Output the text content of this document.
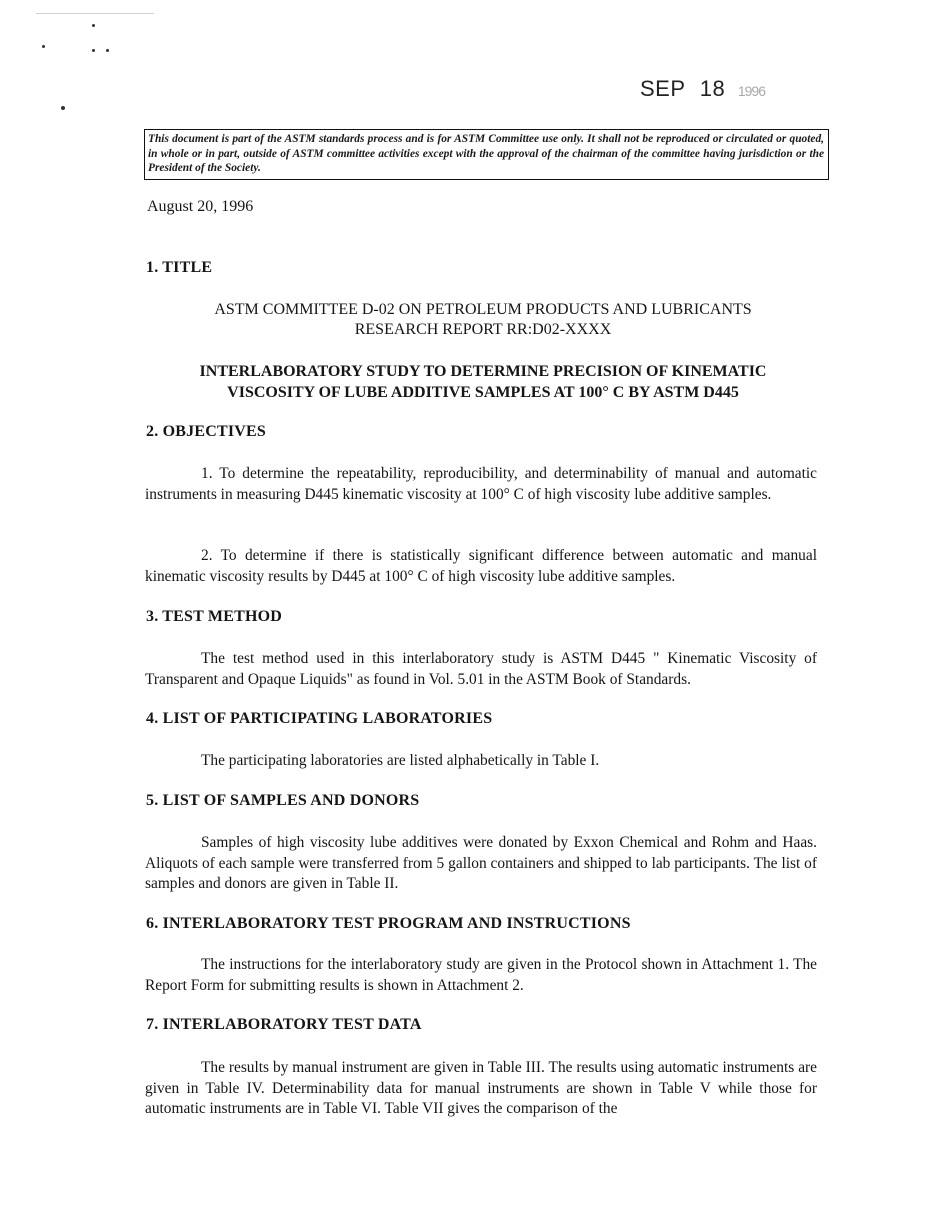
SEP 18 1996
This document is part of the ASTM standards process and is for ASTM Committee use only. It shall not be reproduced or circulated or quoted, in whole or in part, outside of ASTM committee activities except with the approval of the chairman of the committee having jurisdiction or the President of the Society.
August 20, 1996
1. TITLE
ASTM COMMITTEE D-02 ON PETROLEUM PRODUCTS AND LUBRICANTS
RESEARCH REPORT RR:D02-XXXX
INTERLABORATORY STUDY TO DETERMINE PRECISION OF KINEMATIC
VISCOSITY OF LUBE ADDITIVE SAMPLES AT 100° C BY ASTM D445
2. OBJECTIVES

1. To determine the repeatability, reproducibility, and determinability of manual and automatic instruments in measuring D445 kinematic viscosity at 100° C of high viscosity lube additive samples.

2. To determine if there is statistically significant difference between automatic and manual kinematic viscosity results by D445 at 100° C of high viscosity lube additive samples.

3. TEST METHOD

The test method used in this interlaboratory study is ASTM D445 " Kinematic Viscosity of Transparent and Opaque Liquids" as found in Vol. 5.01 in the ASTM Book of Standards.

4. LIST OF PARTICIPATING LABORATORIES

The participating laboratories are listed alphabetically in Table I.

5. LIST OF SAMPLES AND DONORS

Samples of high viscosity lube additives were donated by Exxon Chemical and Rohm and Haas. Aliquots of each sample were transferred from 5 gallon containers and shipped to lab participants. The list of samples and donors are given in Table II.

6. INTERLABORATORY TEST PROGRAM AND INSTRUCTIONS

The instructions for the interlaboratory study are given in the Protocol shown in Attachment 1. The Report Form for submitting results is shown in Attachment 2.

7. INTERLABORATORY TEST DATA

The results by manual instrument are given in Table III. The results using automatic instruments are given in Table IV. Determinability data for manual instruments are shown in Table V while those for automatic instruments are in Table VI. Table VII gives the comparison of the
